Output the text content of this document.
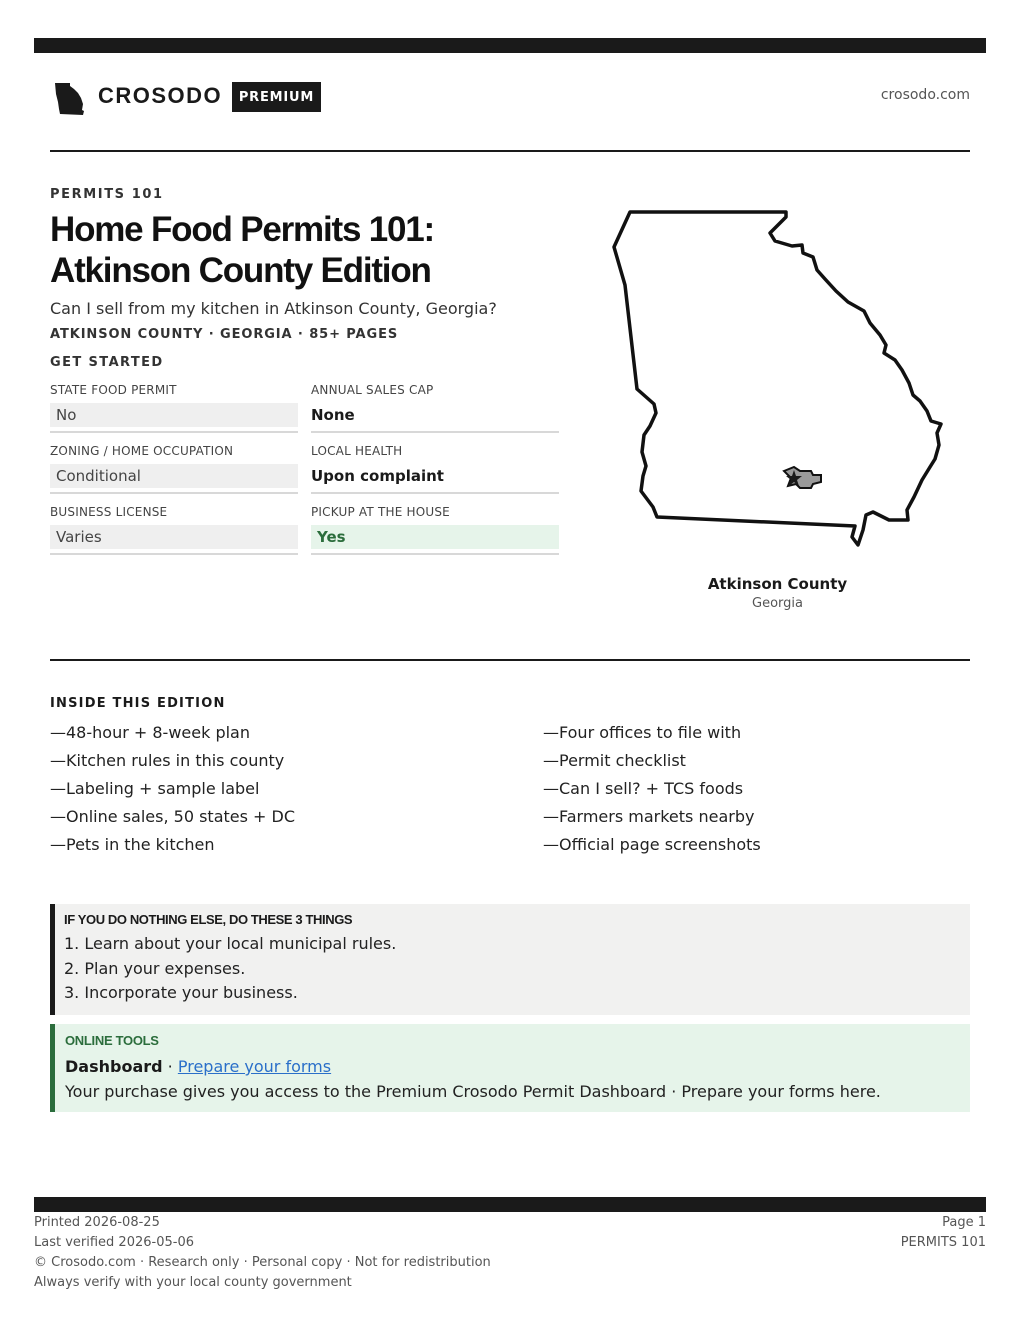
CROSODO	PREMIUM	crosodo.com
PERMITS 101
Home Food Permits 101:
Atkinson County Edition
Can I sell from my kitchen in Atkinson County, Georgia?
ATKINSON COUNTY · GEORGIA · 85+ PAGES
GET STARTED
STATE FOOD PERMIT
No
ANNUAL SALES CAP
None
ZONING / HOME OCCUPATION
Conditional
LOCAL HEALTH
Upon complaint
BUSINESS LICENSE
Varies
PICKUP AT THE HOUSE
Yes
Atkinson County
Georgia
INSIDE THIS EDITION
—48-hour + 8-week plan
—Kitchen rules in this county
—Labeling + sample label
—Online sales, 50 states + DC
—Pets in the kitchen
—Four offices to file with
—Permit checklist
—Can I sell? + TCS foods
—Farmers markets nearby
—Official page screenshots
IF YOU DO NOTHING ELSE, DO THESE 3 THINGS
1. Learn about your local municipal rules.
2. Plan your expenses.
3. Incorporate your business.
ONLINE TOOLS
Dashboard · Prepare your forms
Your purchase gives you access to the Premium Crosodo Permit Dashboard · Prepare your forms here.
Printed 2026-08-25
Last verified 2026-05-06
© Crosodo.com · Research only · Personal copy · Not for redistribution
Always verify with your local county government
Page 1
PERMITS 101
